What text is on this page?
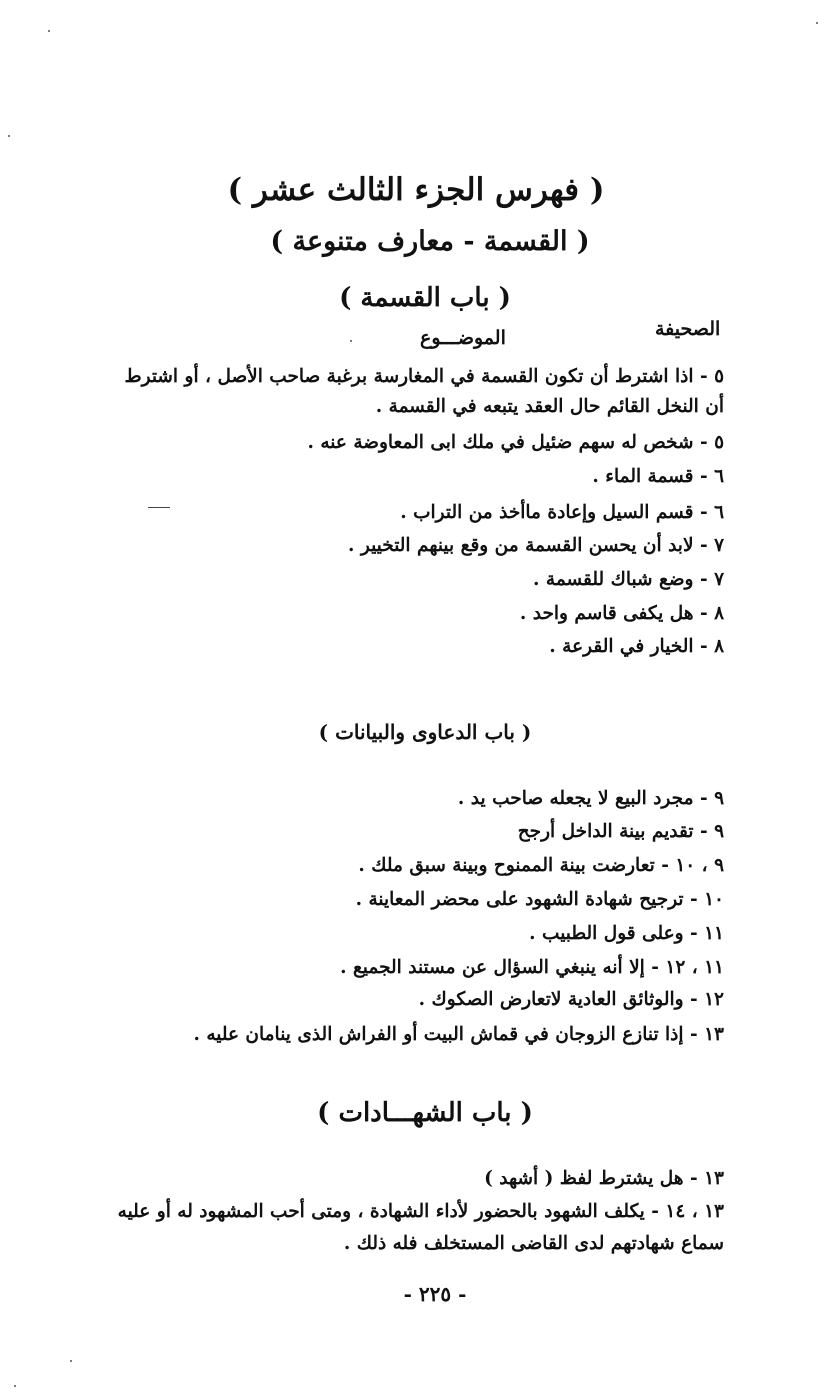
( فهرس الجزء الثالث عشر )
( القسمة - معارف متنوعة )
( باب القسمة )
الصحيفة
الموضـــوع
٥ - اذا اشترط أن تكون القسمة في المغارسة برغبة صاحب الأصل ، أو اشترط أن النخل القائم حال العقد يتبعه في القسمة .
٥ - شخص له سهم ضئيل في ملك ابى المعاوضة عنه .
٦ - قسمة الماء .
٦ - قسم السيل وإعادة ماأخذ من التراب .
٧ - لابد أن يحسن القسمة من وقع بينهم التخيير .
٧ - وضع شباك للقسمة .
٨ - هل يكفى قاسم واحد .
٨ - الخيار في القرعة .
( باب الدعاوى والبيانات )
٩ - مجرد البيع لا يجعله صاحب يد .
٩ - تقديم بينة الداخل أرجح
٩ ، ١٠ - تعارضت بينة الممنوح وبينة سبق ملك .
١٠ - ترجيح شهادة الشهود على محضر المعاينة .
١١ - وعلى قول الطبيب .
١١ ، ١٢ - إلا أنه ينبغي السؤال عن مستند الجميع .
١٢ - والوثائق العادية لاتعارض الصكوك .
١٣ - إذا تنازع الزوجان في قماش البيت أو الفراش الذى ينامان عليه .
( باب الشهـــادات )
١٣ - هل يشترط لفظ ( أشهد )
١٣ ، ١٤ - يكلف الشهود بالحضور لأداء الشهادة ، ومتى أحب المشهود له أو عليه سماع شهادتهم لدى القاضى المستخلف فله ذلك .
- ٢٢٥ -
